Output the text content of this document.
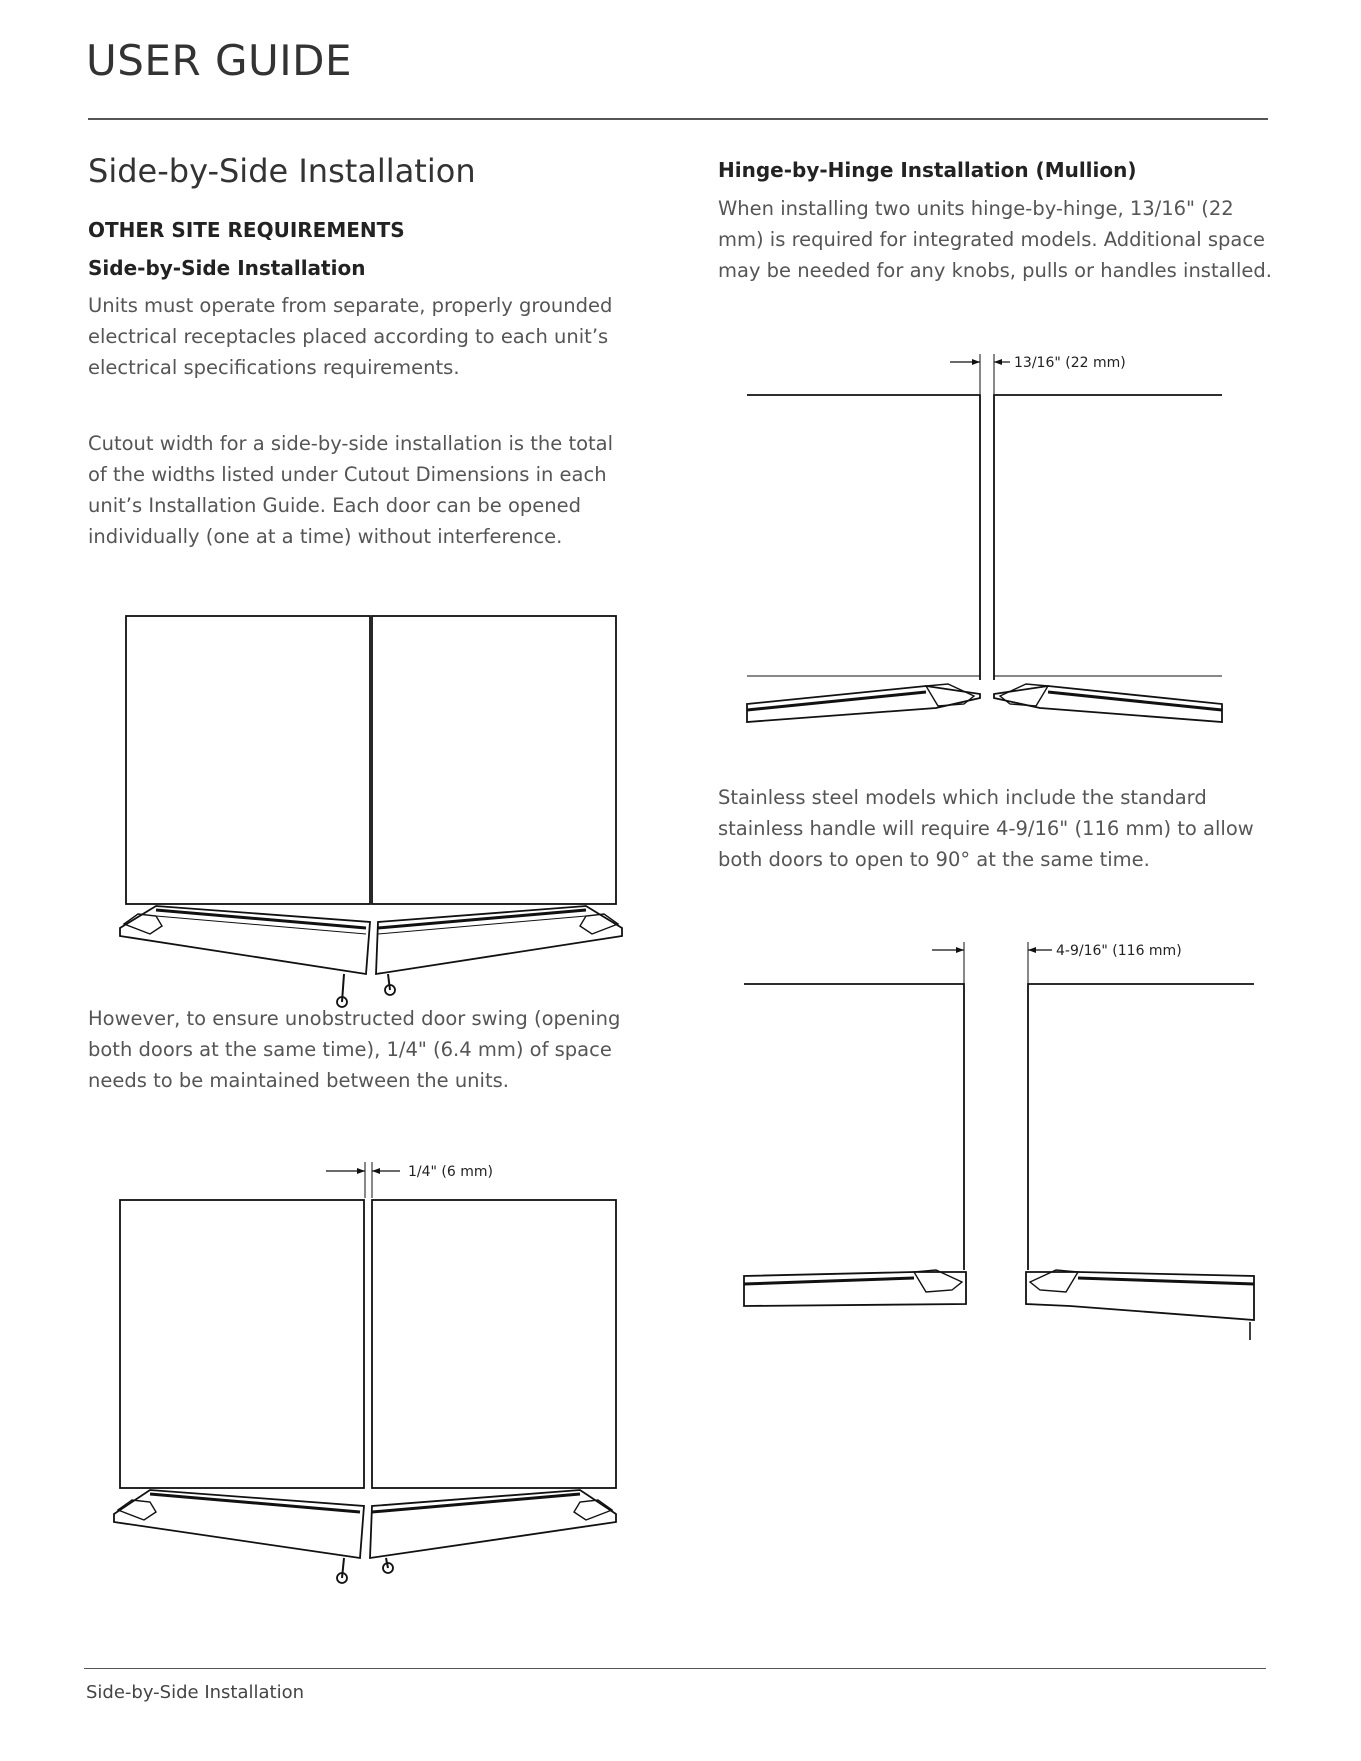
USER GUIDE
Side-by-Side Installation
OTHER SITE REQUIREMENTS
Side-by-Side Installation

Units must operate from separate, properly grounded electrical receptacles placed according to each unit’s electrical specifications requirements.

Cutout width for a side-by-side installation is the total of the widths listed under Cutout Dimensions in each unit’s Installation Guide. Each door can be opened individually (one at a time) without interference.

However, to ensure unobstructed door swing (opening both doors at the same time), 1/4" (6.4 mm) of space needs to be maintained between the units.

1/4" (6 mm)
Hinge-by-Hinge Installation (Mullion)

When installing two units hinge-by-hinge, 13/16" (22 mm) is required for integrated models. Additional space may be needed for any knobs, pulls or handles installed.

13/16" (22 mm)

Stainless steel models which include the standard stainless handle will require 4-9/16" (116 mm) to allow both doors to open to 90° at the same time.

4-9/16" (116 mm)
Side-by-Side Installation
